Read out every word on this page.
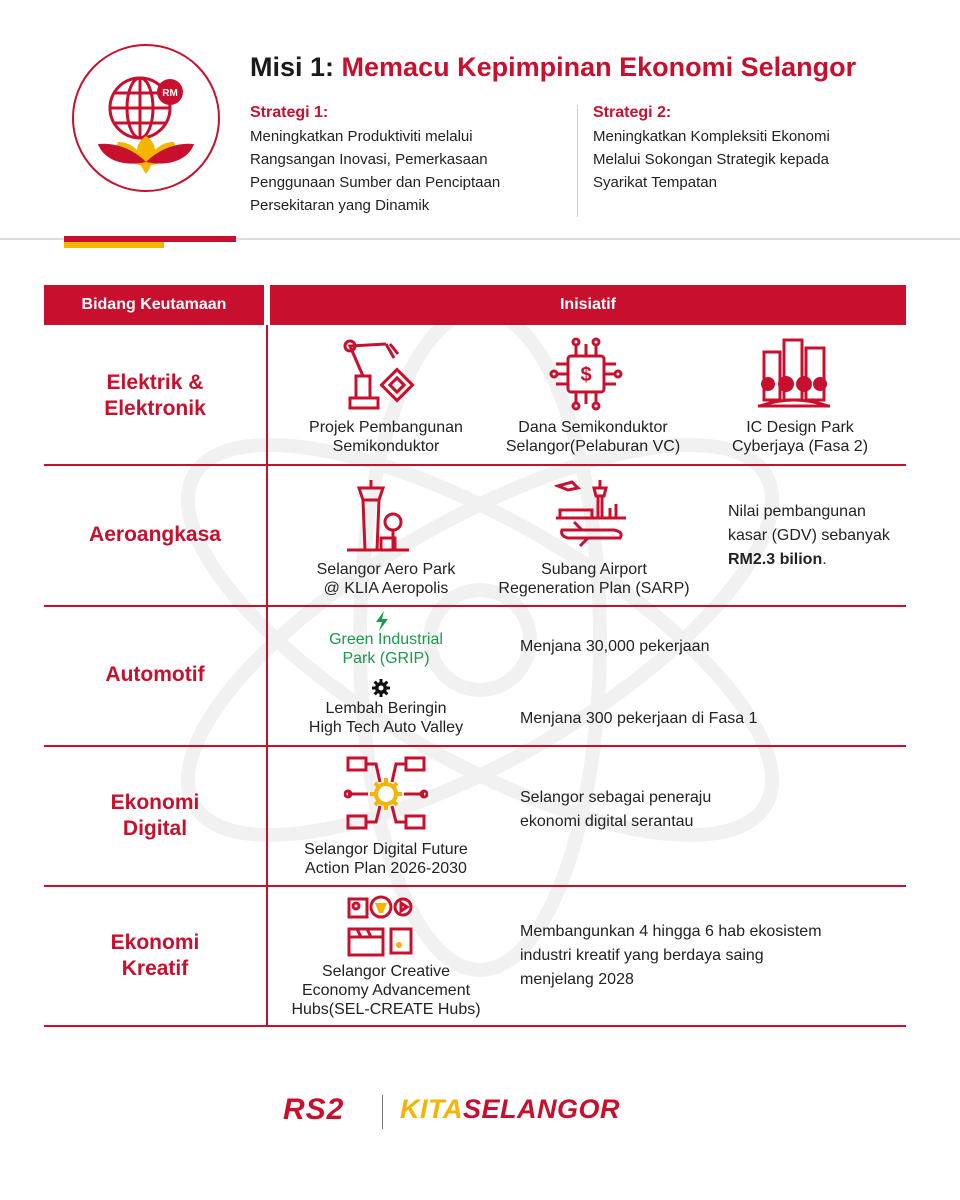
RM
Misi 1: Memacu Kepimpinan Ekonomi Selangor
Strategi 1:
Meningkatkan Produktiviti melalui
Rangsangan Inovasi, Pemerkasaan
Penggunaan Sumber dan Penciptaan
Persekitaran yang Dinamik
Strategi 2:
Meningkatkan Kompleksiti Ekonomi
Melalui Sokongan Strategik kepada
Syarikat Tempatan
Bidang Keutamaan	Inisiatif
Elektrik &
Elektronik
Projek Pembangunan
Semikonduktor
$
Dana Semikonduktor
Selangor(Pelaburan VC)
IC Design Park
Cyberjaya (Fasa 2)
Aeroangkasa
Selangor Aero Park
@ KLIA Aeropolis
Subang Airport
Regeneration Plan (SARP)
Nilai pembangunan
kasar (GDV) sebanyak
RM2.3 bilion.
Automotif
Green Industrial
Park (GRIP)
Menjana 30,000 pekerjaan
Lembah Beringin
High Tech Auto Valley
Menjana 300 pekerjaan di Fasa 1
Ekonomi
Digital
Selangor Digital Future
Action Plan 2026-2030
Selangor sebagai peneraju
ekonomi digital serantau
Ekonomi
Kreatif	Selangor Creative
Economy Advancement
Hubs(SEL-CREATE Hubs)
Membangunkan 4 hingga 6 hab ekosistem
industri kreatif yang berdaya saing
menjelang 2028
RS2 KITASELANGOR
